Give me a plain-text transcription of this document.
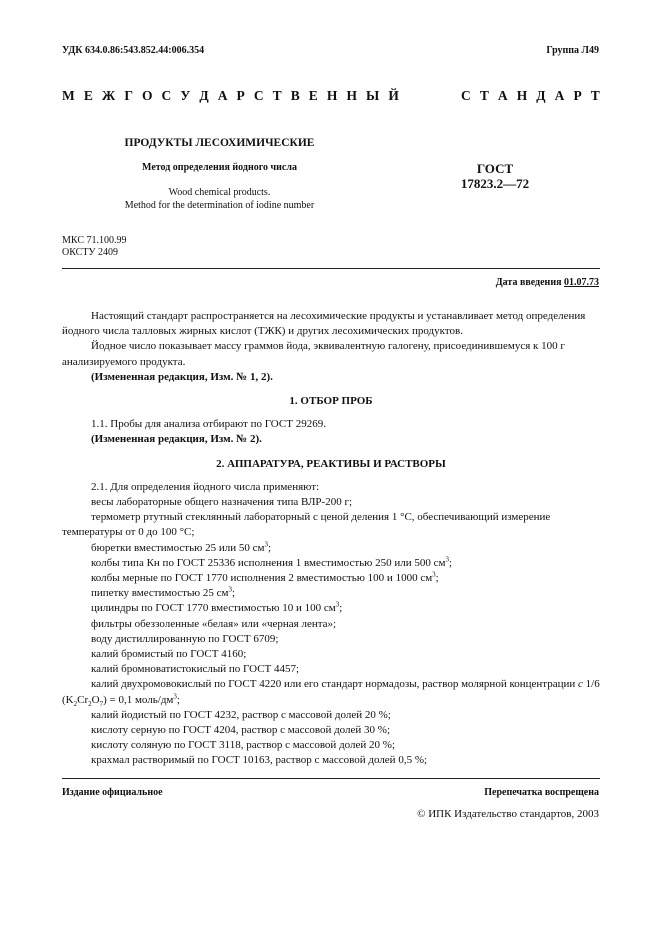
УДК 634.0.86:543.852.44:006.354	Группа Л49
М Е Ж Г О С У Д А Р С Т В Е Н Н Ы Й	С Т А Н Д А Р Т
ПРОДУКТЫ ЛЕСОХИМИЧЕСКИЕ
Метод определения йодного числа
Wood chemical products.
Method for the determination of iodine number
ГОСТ
17823.2—72
МКС 71.100.99
ОКСТУ 2409
Дата введения 01.07.73

Настоящий стандарт распространяется на лесохимические продукты и устанавливает метод определения йодного числа талловых жирных кислот (ТЖК) и других лесохимических продуктов.

Йодное число показывает массу граммов йода, эквивалентную галогену, присоединившемуся к 100 г анализируемого продукта.

(Измененная редакция, Изм. № 1, 2).

1. ОТБОР ПРОБ

1.1. Пробы для анализа отбирают по ГОСТ 29269.

(Измененная редакция, Изм. № 2).

2. АППАРАТУРА, РЕАКТИВЫ И РАСТВОРЫ

2.1. Для определения йодного числа применяют:

весы лабораторные общего назначения типа ВЛР-200 г;

термометр ртутный стеклянный лабораторный с ценой деления 1 °С, обеспечивающий измерение температуры от 0 до 100 °С;

бюретки вместимостью 25 или 50 $см^3$;

колбы типа Кн по ГОСТ 25336 исполнения 1 вместимостью 250 или 500 $см^3$;

колбы мерные по ГОСТ 1770 исполнения 2 вместимостью 100 и 1000 $см^3$;

пипетку вместимостью 25 $см^3$;

цилиндры по ГОСТ 1770 вместимостью 10 и 100 $см^3$;

фильтры обеззоленные «белая» или «черная лента»;

воду дистиллированную по ГОСТ 6709;

калий бромистый по ГОСТ 4160;

калий бромноватистокислый по ГОСТ 4457;

калий двухромовокислый по ГОСТ 4220 или его стандарт нормадозы, раствор молярной концентрации c 1/6 $(K_2Cr_2O_7) = 0,1$ моль/$дм^3$;

калий йодистый по ГОСТ 4232, раствор с массовой долей 20 %;

кислоту серную по ГОСТ 4204, раствор с массовой долей 30 %;

кислоту соляную по ГОСТ 3118, раствор с массовой долей 20 %;

крахмал растворимый по ГОСТ 10163, раствор с массовой долей 0,5 %;

Издание официальное	Перепечатка воспрещена
© ИПК Издательство стандартов, 2003
